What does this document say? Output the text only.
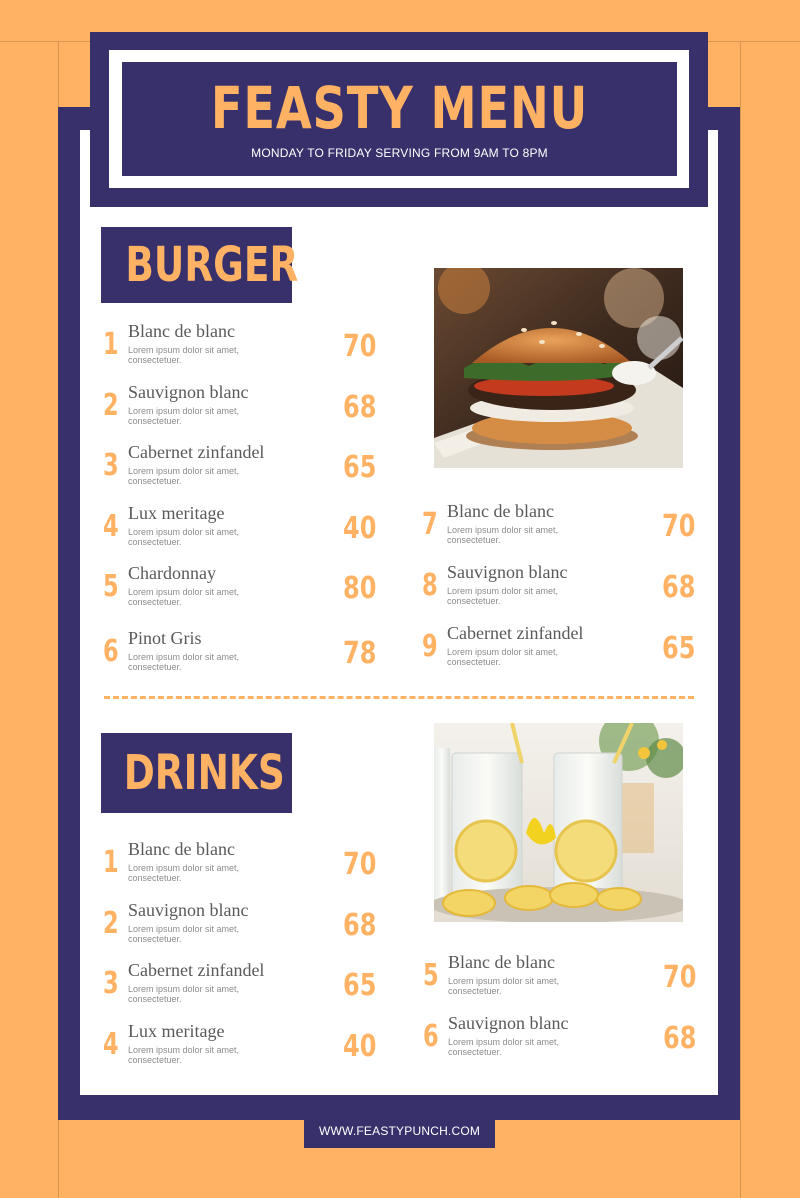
FEASTY MENU
MONDAY TO FRIDAY SERVING FROM 9AM TO 8PM
BURGER
1 Blanc de blanc
Lorem ipsum dolor sit amet, consectetuer.	70
2 Sauvignon blanc
Lorem ipsum dolor sit amet, consectetuer.	68
3 Cabernet zinfandel
Lorem ipsum dolor sit amet, consectetuer.	65
4 Lux meritage
Lorem ipsum dolor sit amet, consectetuer.	40
5 Chardonnay
Lorem ipsum dolor sit amet, consectetuer.	80
6 Pinot Gris
Lorem ipsum dolor sit amet, consectetuer.	78
7 Blanc de blanc
Lorem ipsum dolor sit amet, consectetuer.	70
8 Sauvignon blanc
Lorem ipsum dolor sit amet, consectetuer.	68
9 Cabernet zinfandel
Lorem ipsum dolor sit amet, consectetuer.	65
DRINKS
1 Blanc de blanc
Lorem ipsum dolor sit amet, consectetuer.	70
2 Sauvignon blanc
Lorem ipsum dolor sit amet, consectetuer.	68
3 Cabernet zinfandel
Lorem ipsum dolor sit amet, consectetuer.	65
4 Lux meritage
Lorem ipsum dolor sit amet, consectetuer.	40
5 Blanc de blanc
Lorem ipsum dolor sit amet, consectetuer.	70
6 Sauvignon blanc
Lorem ipsum dolor sit amet, consectetuer.	68
WWW.FEASTYPUNCH.COM
